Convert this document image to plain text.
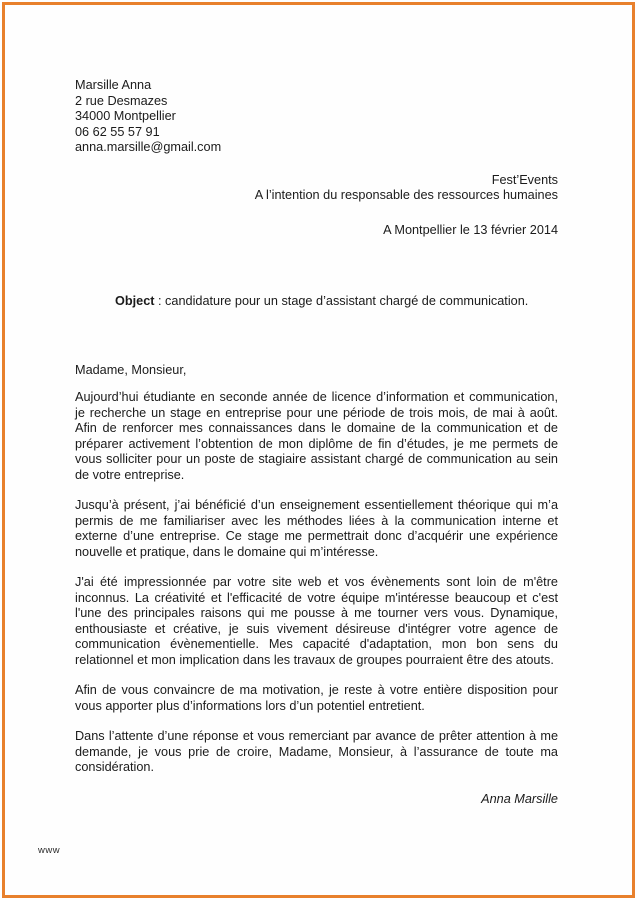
Marsille Anna
2 rue Desmazes
34000 Montpellier
06 62 55 57 91
anna.marsille@gmail.com
Fest’Events
A l’intention du responsable des ressources humaines
A Montpellier le 13 février 2014
Object : candidature pour un stage d’assistant chargé de communication.
Madame, Monsieur,

Aujourd’hui étudiante en seconde année de licence d’information et communication, je recherche un stage en entreprise pour une période de trois mois, de mai à août. Afin de renforcer mes connaissances dans le domaine de la communication et de préparer activement l’obtention de mon diplôme de fin d’études, je me permets de vous solliciter pour un poste de stagiaire assistant chargé de communication au sein de votre entreprise.

Jusqu’à présent, j’ai bénéficié d’un enseignement essentiellement théorique qui m’a permis de me familiariser avec les méthodes liées à la communication interne et externe d’une entreprise. Ce stage me permettrait donc d’acquérir une expérience nouvelle et pratique, dans le domaine qui m’intéresse.

J'ai été impressionnée par votre site web et vos évènements sont loin de m'être inconnus. La créativité et l'efficacité de votre équipe m'intéresse beaucoup et c'est l'une des principales raisons qui me pousse à me tourner vers vous. Dynamique, enthousiaste et créative, je suis vivement désireuse d'intégrer votre agence de communication évènementielle. Mes capacité d'adaptation, mon bon sens du relationnel et mon implication dans les travaux de groupes pourraient être des atouts.

Afin de vous convaincre de ma motivation, je reste à votre entière disposition pour vous apporter plus d’informations lors d’un potentiel entretient.

Dans l’attente d’une réponse et vous remerciant par avance de prêter attention à me demande, je vous prie de croire, Madame, Monsieur, à l’assurance de toute ma considération.

Anna Marsille
www
